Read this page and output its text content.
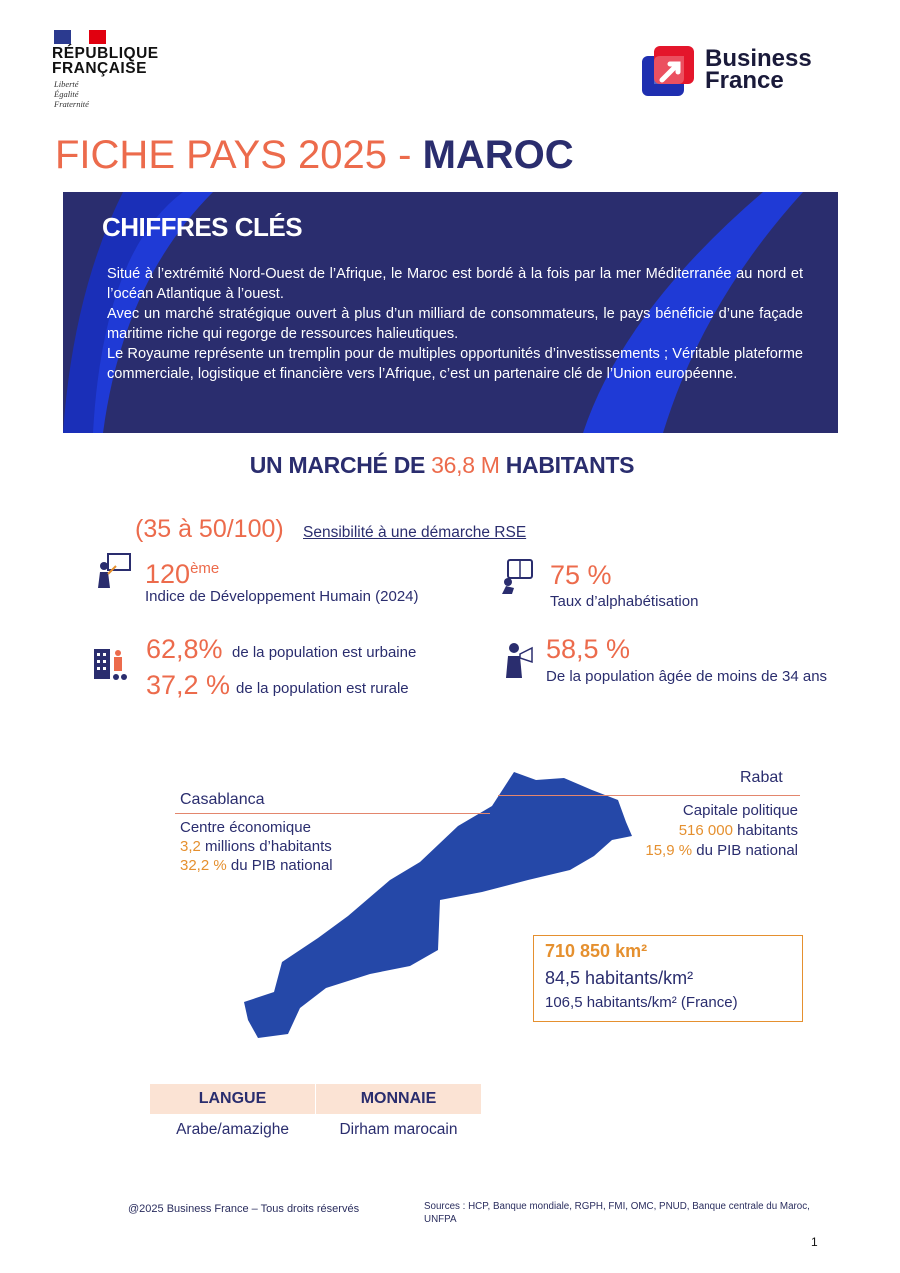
RÉPUBLIQUE
FRANÇAISE
Liberté
Égalité
Fraternité
Business
France
FICHE PAYS 2025 - MAROC
CHIFFRES CLÉS
Situé à l’extrémité Nord-Ouest de l’Afrique, le Maroc est bordé à la fois par la mer Méditerranée au nord et l’océan Atlantique à l’ouest.
Avec un marché stratégique ouvert à plus d’un milliard de consommateurs, le pays bénéficie d’une façade maritime riche qui regorge de ressources halieutiques.
Le Royaume représente un tremplin pour de multiples opportunités d’investissements ; Véritable plateforme commerciale, logistique et financière vers l’Afrique, c’est un partenaire clé de l’Union européenne.
UN MARCHÉ DE 36,8 M HABITANTS
(35 à 50/100) Sensibilité à une démarche RSE
120ème
Indice de Développement Humain (2024)
75 %
Taux d’alphabétisation
62,8% de la population est urbaine
37,2 % de la population est rurale
58,5 %
De la population âgée de moins de 34 ans
Casablanca
Centre économique
3,2 millions d’habitants
32,2 % du PIB national
Rabat
Capitale politique
516 000 habitants
15,9 % du PIB national
710 850 km²
84,5 habitants/km²
106,5 habitants/km² (France)
LANGUE	MONNAIE
Arabe/amazighe	Dirham marocain
@2025 Business France – Tous droits réservés	Sources : HCP, Banque mondiale, RGPH, FMI, OMC, PNUD, Banque centrale du Maroc, UNFPA
1
